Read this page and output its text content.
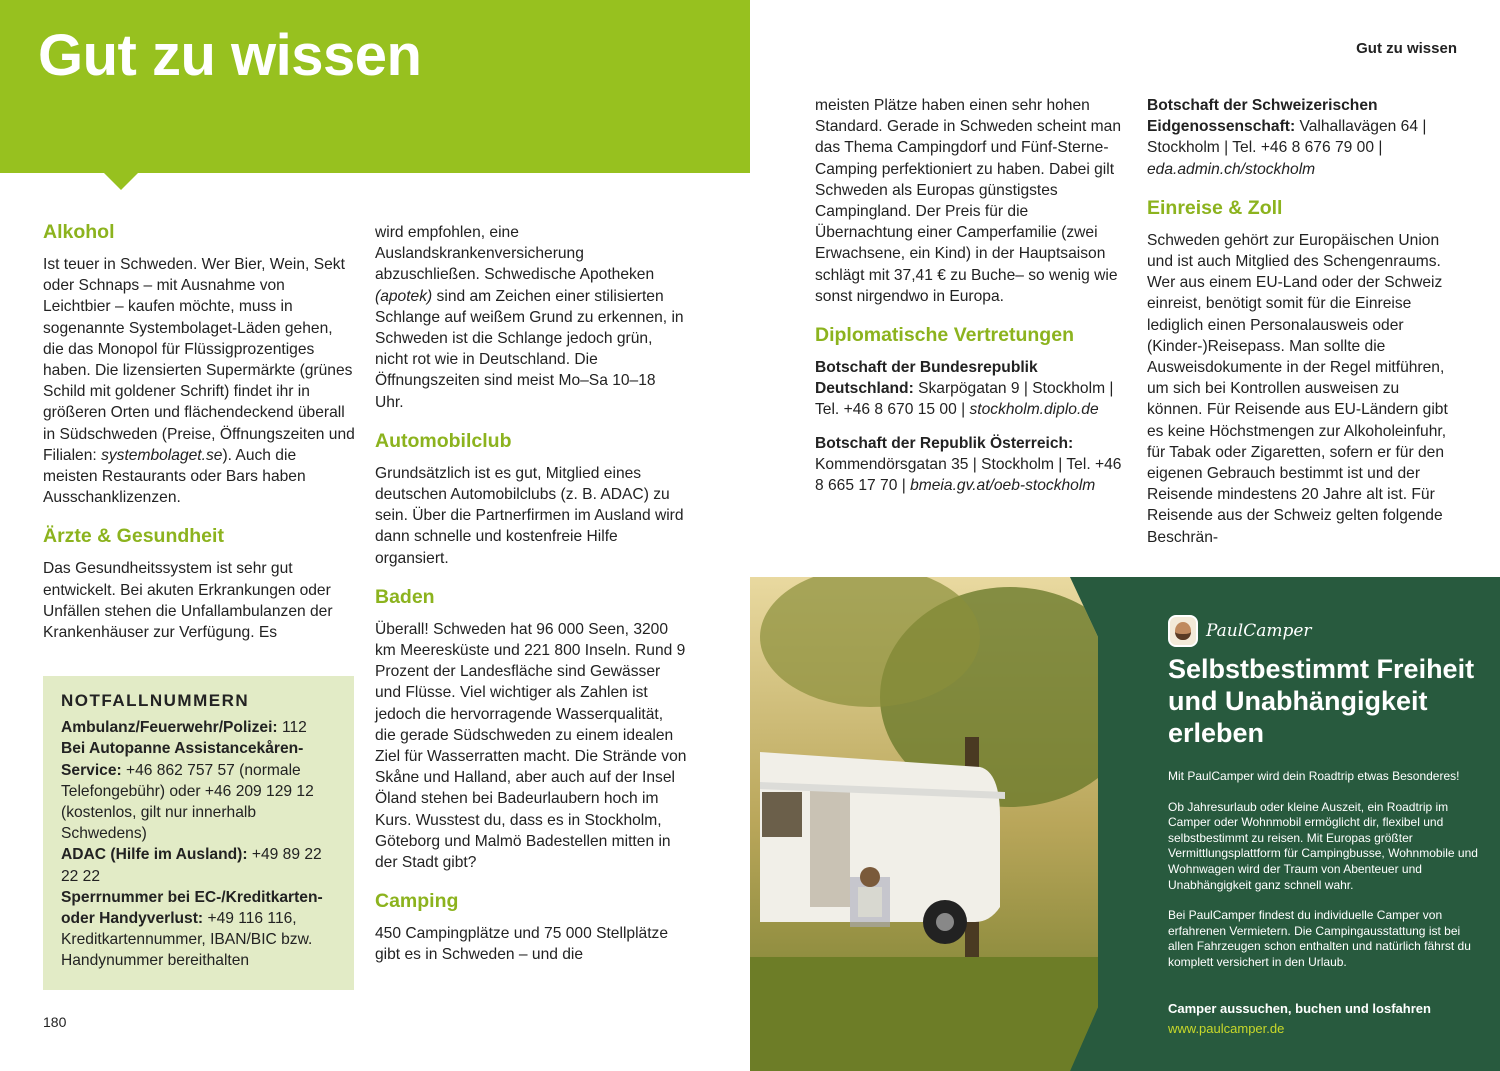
Gut zu wissen	Gut zu wissen
Alkohol

Ist teuer in Schweden. Wer Bier, Wein, Sekt oder Schnaps – mit Ausnahme von Leichtbier – kaufen möchte, muss in sogenannte Systembolaget-Läden gehen, die das Monopol für Flüssigprozentiges haben. Die lizensierten Supermärkte (grünes Schild mit goldener Schrift) findet ihr in größeren Orten und flächendeckend überall in Südschweden (Preise, Öffnungszeiten und Filialen: systembolaget.se). Auch die meisten Restaurants oder Bars haben Ausschanklizenzen.

Ärzte & Gesundheit

Das Gesundheitssystem ist sehr gut entwickelt. Bei akuten Erkrankungen oder Unfällen stehen die Unfallambulanzen der Krankenhäuser zur Verfügung. Es

NOTFALLNUMMERN
Ambulanz/Feuerwehr/Polizei: 112
Bei Autopanne Assistancekåren-Service: +46 862 757 57 (normale Telefongebühr) oder +46 209 129 12 (kostenlos, gilt nur innerhalb Schwedens)
ADAC (Hilfe im Ausland): +49 89 22 22 22
Sperrnummer bei EC-/Kreditkarten- oder Handyverlust: +49 116 116, Kreditkartennummer, IBAN/BIC bzw. Handynummer bereithalten
180

wird empfohlen, eine Auslandskrankenversicherung abzuschließen. Schwedische Apotheken (apotek) sind am Zeichen einer stilisierten Schlange auf weißem Grund zu erkennen, in Schweden ist die Schlange jedoch grün, nicht rot wie in Deutschland. Die Öffnungszeiten sind meist Mo–Sa 10–18 Uhr.

Automobilclub

Grundsätzlich ist es gut, Mitglied eines deutschen Automobilclubs (z. B. ADAC) zu sein. Über die Partnerfirmen im Ausland wird dann schnelle und kostenfreie Hilfe organsiert.

Baden

Überall! Schweden hat 96 000 Seen, 3200 km Meeresküste und 221 800 Inseln. Rund 9 Prozent der Landesfläche sind Gewässer und Flüsse. Viel wichtiger als Zahlen ist jedoch die hervorragende Wasserqualität, die gerade Südschweden zu einem idealen Ziel für Wasserratten macht. Die Strände von Skåne und Halland, aber auch auf der Insel Öland stehen bei Badeurlaubern hoch im Kurs. Wusstest du, dass es in Stockholm, Göteborg und Malmö Badestellen mitten in der Stadt gibt?

Camping

450 Campingplätze und 75 000 Stellplätze gibt es in Schweden – und die

meisten Plätze haben einen sehr hohen Standard. Gerade in Schweden scheint man das Thema Campingdorf und Fünf-Sterne-Camping perfektioniert zu haben. Dabei gilt Schweden als Europas günstigstes Campingland. Der Preis für die Übernachtung einer Camperfamilie (zwei Erwachsene, ein Kind) in der Hauptsaison schlägt mit 37,41 € zu Buche– so wenig wie sonst nirgendwo in Europa.

Diplomatische Vertretungen

Botschaft der Bundesrepublik Deutschland: Skarpögatan 9 | Stockholm | Tel. +46 8 670 15 00 | stockholm.diplo.de

Botschaft der Republik Österreich: Kommendörsgatan 35 | Stockholm | Tel. +46 8 665 17 70 | bmeia.gv.at/oeb-stockholm

Botschaft der Schweizerischen Eidgenossenschaft: Valhallavägen 64 | Stockholm | Tel. +46 8 676 79 00 | eda.admin.ch/stockholm

Einreise & Zoll

Schweden gehört zur Europäischen Union und ist auch Mitglied des Schengenraums. Wer aus einem EU-Land oder der Schweiz einreist, benötigt somit für die Einreise lediglich einen Personalausweis oder (Kinder-)Reisepass. Man sollte die Ausweisdokumente in der Regel mitführen, um sich bei Kontrollen ausweisen zu können. Für Reisende aus EU-Ländern gibt es keine Höchstmengen zur Alkoholeinfuhr, für Tabak oder Zigaretten, sofern er für den eigenen Gebrauch bestimmt ist und der Reisende mindestens 20 Jahre alt ist. Für Reisende aus der Schweiz gelten folgende Beschrän-

PaulCamper
Selbstbestimmt Freiheit und Unabhängigkeit erleben

Mit PaulCamper wird dein Roadtrip etwas Besonderes!

Ob Jahresurlaub oder kleine Auszeit, ein Roadtrip im Camper oder Wohnmobil ermöglicht dir, flexibel und selbstbestimmt zu reisen. Mit Europas größter Vermittlungsplattform für Campingbusse, Wohnmobile und Wohnwagen wird der Traum von Abenteuer und Unabhängigkeit ganz schnell wahr.

Bei PaulCamper findest du individuelle Camper von erfahrenen Vermietern. Die Campingausstattung ist bei allen Fahrzeugen schon enthalten und natürlich fährst du komplett versichert in den Urlaub.

Camper aussuchen, buchen und losfahren
www.paulcamper.de
